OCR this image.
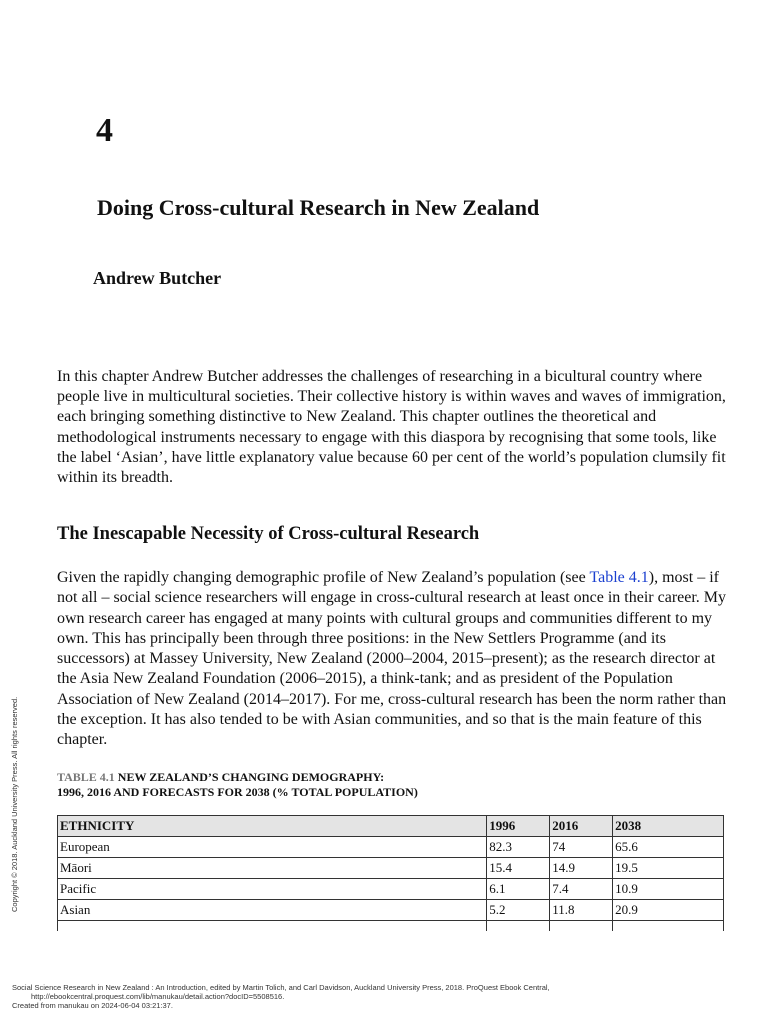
4
Doing Cross-cultural Research in New Zealand
Andrew Butcher

In this chapter Andrew Butcher addresses the challenges of researching in a bicultural country where people live in multicultural societies. Their collective history is within waves and waves of immigration, each bringing something distinctive to New Zealand. This chapter outlines the theoretical and methodological instruments necessary to engage with this diaspora by recognising that some tools, like the label ‘Asian’, have little explanatory value because 60 per cent of the world’s population clumsily fit within its breadth.

The Inescapable Necessity of Cross-cultural Research

Given the rapidly changing demographic profile of New Zealand’s population (see Table 4.1), most – if not all – social science researchers will engage in cross-cultural research at least once in their career. My own research career has engaged at many points with cultural groups and communities different to my own. This has principally been through three positions: in the New Settlers Programme (and its successors) at Massey University, New Zealand (2000–2004, 2015–present); as the research director at the Asia New Zealand Foundation (2006–2015), a think-tank; and as president of the Population Association of New Zealand (2014–2017). For me, cross-cultural research has been the norm rather than the exception. It has also tended to be with Asian communities, and so that is the main feature of this chapter.

TABLE 4.1 NEW ZEALAND’S CHANGING DEMOGRAPHY:
1996, 2016 AND FORECASTS FOR 2038 (% TOTAL POPULATION)
ETHNICITY	1996	2016	2038
European	82.3	74	65.6
Māori	15.4	14.9	19.5
Pacific	6.1	7.4	10.9
Asian	5.2	11.8	20.9

Copyright © 2018. Auckland University Press. All rights reserved.
Social Science Research in New Zealand : An Introduction, edited by Martin Tolich, and Carl Davidson, Auckland University Press, 2018. ProQuest Ebook Central,
http://ebookcentral.proquest.com/lib/manukau/detail.action?docID=5508516.
Created from manukau on 2024-06-04 03:21:37.
